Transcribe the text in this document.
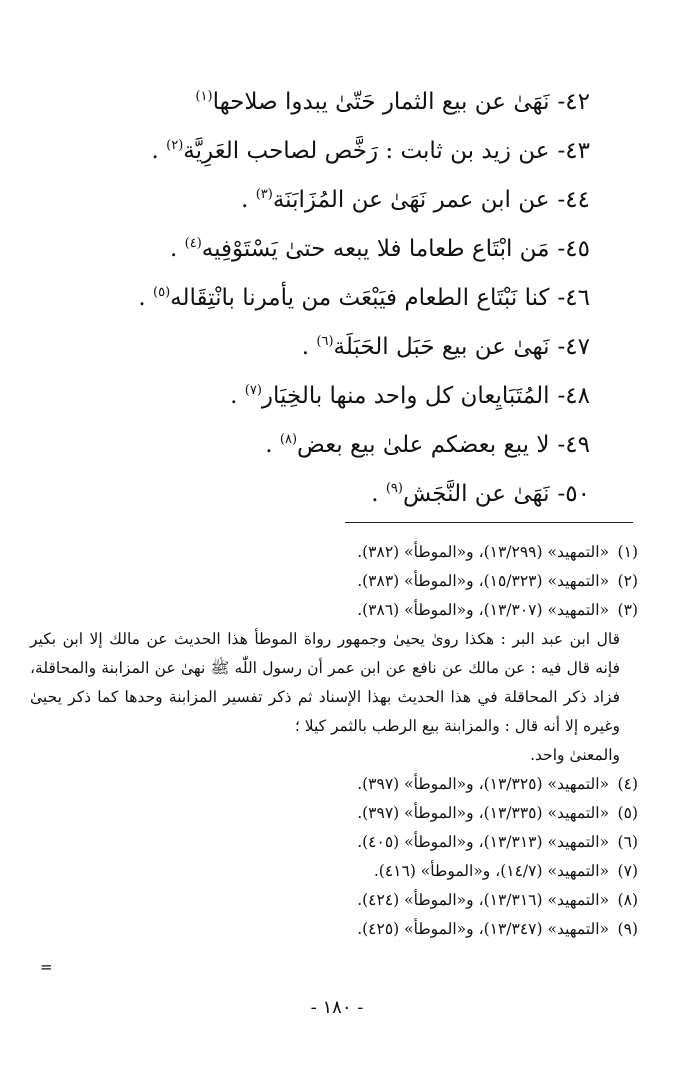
٤٢-نَهَىٰ عن بيع الثمار حَتّىٰ يبدوا صلاحها$^{(١)}$
٤٣-عن زيد بن ثابت : رَخَّص لصاحب العَرِيَّة$^{(٢)}$ .
٤٤-عن ابن عمر نَهَىٰ عن المُزَابَنَة$^{(٣)}$ .
٤٥-مَن ابْتَاع طعاما فلا يبعه حتىٰ يَسْتَوْفِيه$^{(٤)}$ .
٤٦-كنا نَبْتَاع الطعام فيَبْعَث من يأمرنا بانْتِقَاله$^{(٥)}$ .
٤٧-نَهىٰ عن بيع حَبَل الحَبَلَة$^{(٦)}$ .
٤٨-المُتَبَايِعان كل واحد منها بالخِيَار$^{(٧)}$ .
٤٩-لا يبع بعضكم علىٰ بيع بعض$^{(٨)}$ .
٥٠-نَهَىٰ عن النَّجَش$^{(٩)}$ .
(١) «التمهيد» (١٣/٢٩٩)، و«الموطأ» (٣٨٢).
(٢) «التمهيد» (١٥/٣٢٣)، و«الموطأ» (٣٨٣).
(٣) «التمهيد» (١٣/٣٠٧)، و«الموطأ» (٣٨٦).

قال ابن عبد البر : هكذا روىٰ يحيىٰ وجمهور رواة الموطأ هذا الحديث عن مالك إلا ابن بكير فإنه قال فيه : عن مالك عن نافع عن ابن عمر أن رسول اللّٰه ﷺ نهىٰ عن المزابنة والمحاقلة، فزاد ذكر المحاقلة في هذا الحديث بهذا الإسناد ثم ذكر تفسير المزابنة وحدها كما ذكر يحيىٰ وغيره إلا أنه قال : والمزابنة بيع الرطب بالثمر كيلا ؛

والمعنىٰ واحد.

(٤) «التمهيد» (١٣/٣٢٥)، و«الموطأ» (٣٩٧).
(٥) «التمهيد» (١٣/٣٣٥)، و«الموطأ» (٣٩٧).
(٦) «التمهيد» (١٣/٣١٣)، و«الموطأ» (٤٠٥).
(٧) «التمهيد» (١٤/٧)، و«الموطأ» (٤١٦).
(٨) «التمهيد» (١٣/٣١٦)، و«الموطأ» (٤٢٤).
(٩) «التمهيد» (١٣/٣٤٧)، و«الموطأ» (٤٢٥).
=
- ١٨٠ -
